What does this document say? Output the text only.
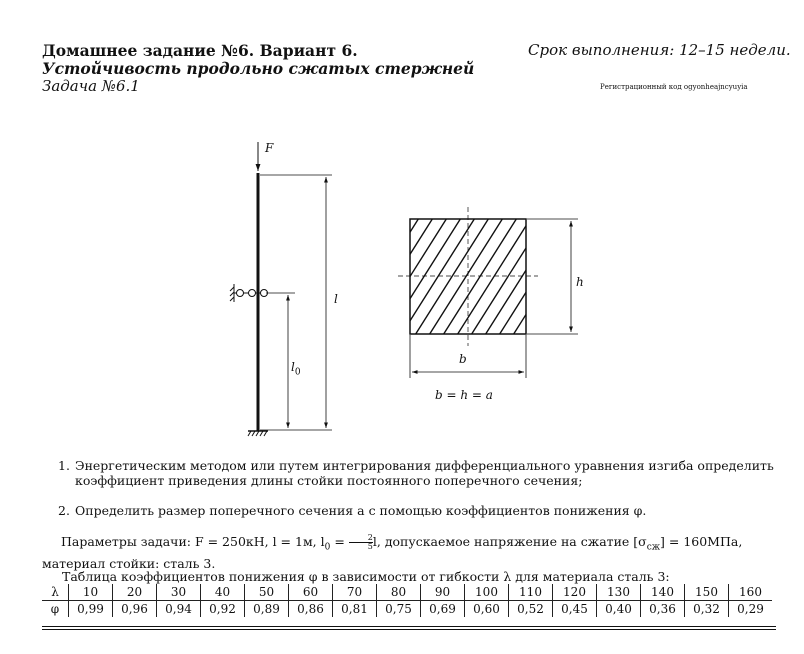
Домашнее задание №6. Вариант 6.
Устойчивость продольно сжатых стержней
Задача №6.1
Срок выполнения: 12–15 недели.
Регистрационный код ogyonheajncyuyia
F
l
$l_0$
h
b
b = h = a
1. Энергетическим методом или путем интегрирования дифференциального уравнения изгиба определить коэффициент приведения длины стойки постоянного поперечного сечения;
2. Определить размер поперечного сечения a с помощью коэффициентов понижения φ.
Параметры задачи: F = 250кН, l = 1м, $l_0 = \frac{2}{5} l$, допускаемое напряжение на сжатие $[\sigma_{сж}] = 160МПа$, материал стойки: сталь 3.
Таблица коэффициентов понижения φ в зависимости от гибкости λ для материала сталь 3:
λ	10	20	30	40	50	60	70	80	90	100	110	120	130	140	150	160
φ	0,99	0,96	0,94	0,92	0,89	0,86	0,81	0,75	0,69	0,60	0,52	0,45	0,40	0,36	0,32	0,29
